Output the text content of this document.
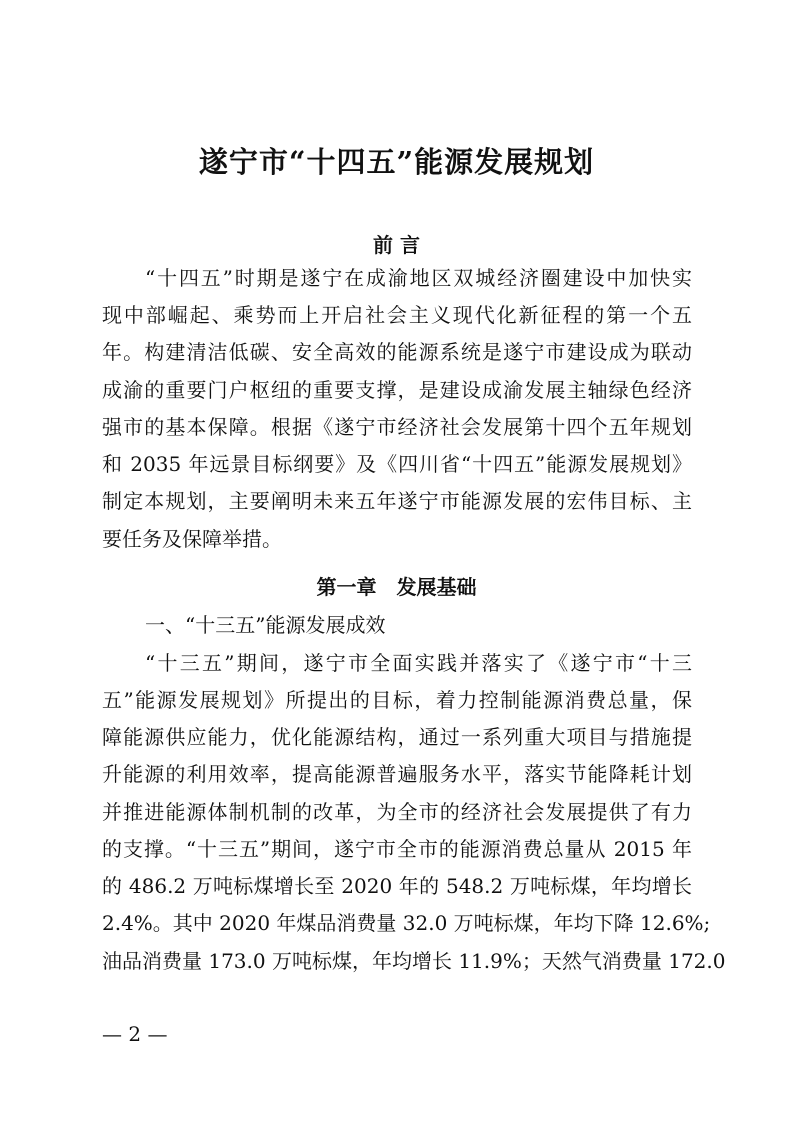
遂宁市“十四五”能源发展规划
前 言
“十四五”时期是遂宁在成渝地区双城经济圈建设中加快实
现中部崛起、乘势而上开启社会主义现代化新征程的第一个五
年。构建清洁低碳、安全高效的能源系统是遂宁市建设成为联动
成渝的重要门户枢纽的重要支撑，是建设成渝发展主轴绿色经济
强市的基本保障。根据《遂宁市经济社会发展第十四个五年规划
和 2035 年远景目标纲要》及《四川省“十四五”能源发展规划》
制定本规划，主要阐明未来五年遂宁市能源发展的宏伟目标、主
要任务及保障举措。
第一章　发展基础
一、“十三五”能源发展成效
“十三五”期间，遂宁市全面实践并落实了《遂宁市“十三
五”能源发展规划》所提出的目标，着力控制能源消费总量，保
障能源供应能力，优化能源结构，通过一系列重大项目与措施提
升能源的利用效率，提高能源普遍服务水平，落实节能降耗计划
并推进能源体制机制的改革，为全市的经济社会发展提供了有力
的支撑。“十三五”期间，遂宁市全市的能源消费总量从 2015 年
的 486.2 万吨标煤增长至 2020 年的 548.2 万吨标煤，年均增长
2.4%。其中 2020 年煤品消费量 32.0 万吨标煤，年均下降 12.6%;
油品消费量 173.0 万吨标煤，年均增长 11.9%；天然气消费量 172.0
— 2 —
